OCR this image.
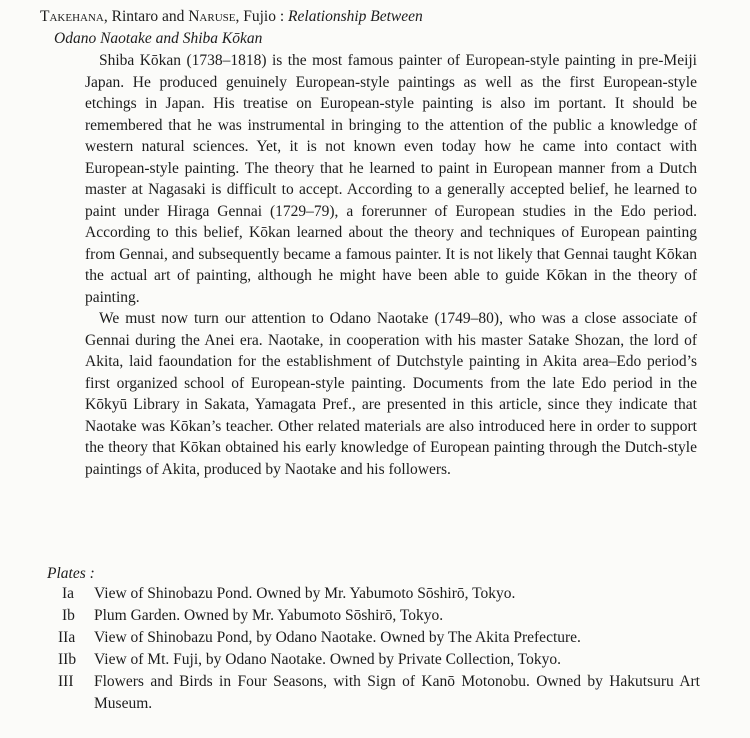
Takehana, Rintaro and Naruse, Fujio : Relationship Between
Odano Naotake and Shiba Kōkan

Shiba Kōkan (1738–1818) is the most famous painter of European-style painting in pre-Meiji Japan. He produced genuinely European-style paintings as well as the first European-style etchings in Japan. His treatise on European-style painting is also im portant. It should be remembered that he was instrumental in bringing to the attention of the public a knowledge of western natural sciences. Yet, it is not known even today how he came into contact with European-style painting. The theory that he learned to paint in European manner from a Dutch master at Nagasaki is difficult to accept. According to a generally accepted belief, he learned to paint under Hiraga Gennai (1729–79), a forerunner of European studies in the Edo period. According to this belief, Kōkan learned about the theory and techniques of European painting from Gennai, and subsequently became a famous painter. It is not likely that Gennai taught Kōkan the actual art of painting, although he might have been able to guide Kōkan in the theory of painting.

We must now turn our attention to Odano Naotake (1749–80), who was a close associate of Gennai during the Anei era. Naotake, in cooperation with his master Satake Shozan, the lord of Akita, laid faoundation for the establishment of Dutchstyle painting in Akita area–Edo period’s first organized school of European-style painting. Documents from the late Edo period in the Kōkyū Library in Sakata, Yamagata Pref., are presented in this article, since they indicate that Naotake was Kōkan’s teacher. Other related materials are also introduced here in order to support the theory that Kōkan obtained his early knowledge of European painting through the Dutch-style paintings of Akita, produced by Naotake and his followers.

Plates :
Ia	View of Shinobazu Pond. Owned by Mr. Yabumoto Sōshirō, Tokyo.
Ib	Plum Garden. Owned by Mr. Yabumoto Sōshirō, Tokyo.
IIa	View of Shinobazu Pond, by Odano Naotake. Owned by The Akita Prefecture.
IIb	View of Mt. Fuji, by Odano Naotake. Owned by Private Collection, Tokyo.
III	Flowers and Birds in Four Seasons, with Sign of Kanō Motonobu. Owned by Hakutsuru Art Museum.
